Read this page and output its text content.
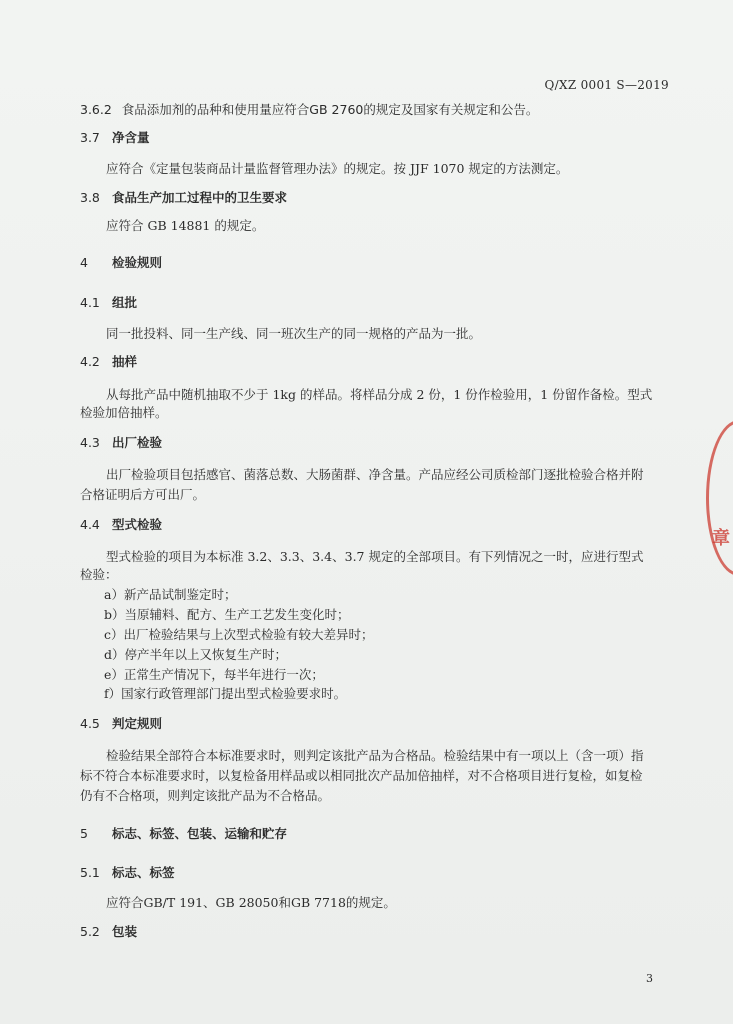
Q/XZ 0001 S—2019
3.6.2 食品添加剂的品种和使用量应符合GB 2760的规定及国家有关规定和公告。
3.7 净含量
应符合《定量包装商品计量监督管理办法》的规定。按 JJF 1070 规定的方法测定。
3.8 食品生产加工过程中的卫生要求
应符合 GB 14881 的规定。
4 检验规则
4.1 组批
同一批投料、同一生产线、同一班次生产的同一规格的产品为一批。
4.2 抽样
从每批产品中随机抽取不少于 1kg 的样品。将样品分成 2 份，1 份作检验用，1 份留作备检。型式
检验加倍抽样。
4.3 出厂检验
出厂检验项目包括感官、菌落总数、大肠菌群、净含量。产品应经公司质检部门逐批检验合格并附
合格证明后方可出厂。
4.4 型式检验
型式检验的项目为本标准 3.2、3.3、3.4、3.7 规定的全部项目。有下列情况之一时，应进行型式
检验：
a）新产品试制鉴定时；
b）当原辅料、配方、生产工艺发生变化时；
c）出厂检验结果与上次型式检验有较大差异时；
d）停产半年以上又恢复生产时；
e）正常生产情况下，每半年进行一次；
f）国家行政管理部门提出型式检验要求时。
4.5 判定规则
检验结果全部符合本标准要求时，则判定该批产品为合格品。检验结果中有一项以上（含一项）指
标不符合本标准要求时，以复检备用样品或以相同批次产品加倍抽样，对不合格项目进行复检，如复检
仍有不合格项，则判定该批产品为不合格品。
5 标志、标签、包装、运输和贮存
5.1 标志、标签
应符合GB/T 191、GB 28050和GB 7718的规定。
5.2 包装
3
章
